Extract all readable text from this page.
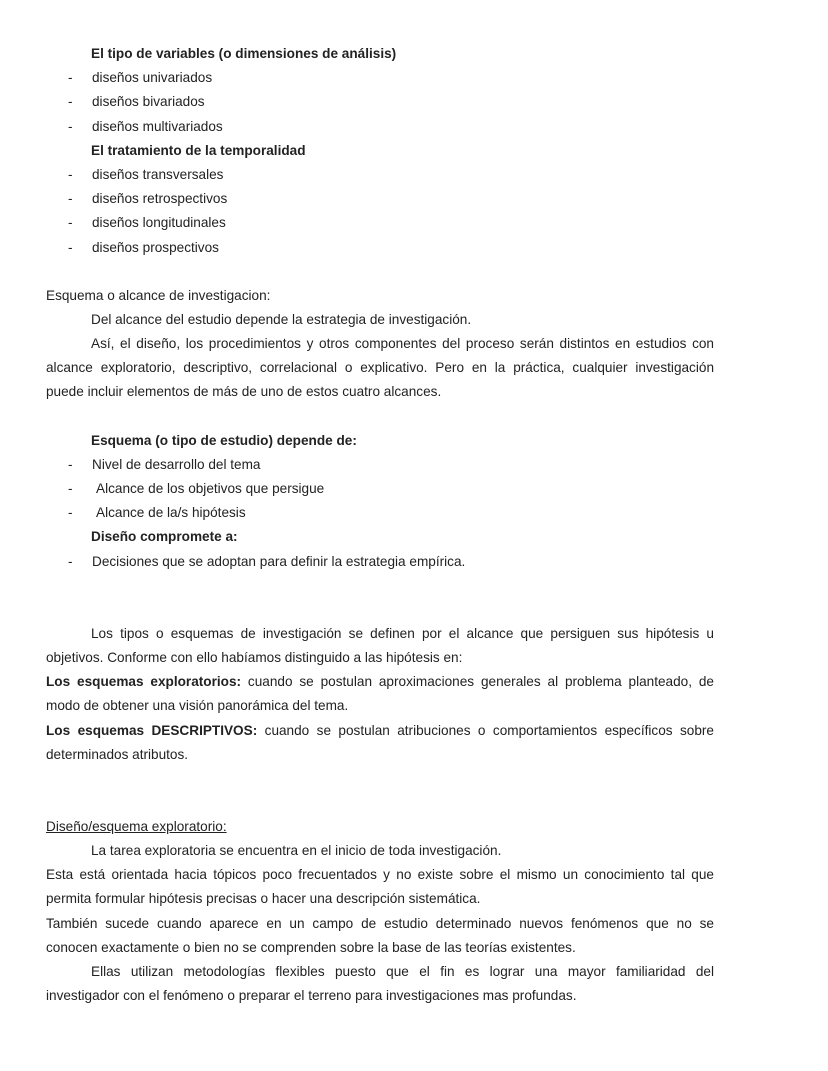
El tipo de variables (o dimensiones de análisis)
- diseños univariados
- diseños bivariados
- diseños multivariados
El tratamiento de la temporalidad
- diseños transversales
- diseños retrospectivos
- diseños longitudinales
- diseños prospectivos
Esquema o alcance de investigacion:
Del alcance del estudio depende la estrategia de investigación.
Así, el diseño, los procedimientos y otros componentes del proceso serán distintos en estudios con
alcance exploratorio, descriptivo, correlacional o explicativo. Pero en la práctica, cualquier investigación
puede incluir elementos de más de uno de estos cuatro alcances.
Esquema (o tipo de estudio) depende de:
- Nivel de desarrollo del tema
- Alcance de los objetivos que persigue
- Alcance de la/s hipótesis
Diseño compromete a:
- Decisiones que se adoptan para definir la estrategia empírica.
Los tipos o esquemas de investigación se definen por el alcance que persiguen sus hipótesis u
objetivos. Conforme con ello habíamos distinguido a las hipótesis en:
Los esquemas exploratorios: cuando se postulan aproximaciones generales al problema planteado, de
modo de obtener una visión panorámica del tema.
Los esquemas DESCRIPTIVOS: cuando se postulan atribuciones o comportamientos específicos sobre
determinados atributos.
Diseño/esquema exploratorio:
La tarea exploratoria se encuentra en el inicio de toda investigación.
Esta está orientada hacia tópicos poco frecuentados y no existe sobre el mismo un conocimiento tal que
permita formular hipótesis precisas o hacer una descripción sistemática.
También sucede cuando aparece en un campo de estudio determinado nuevos fenómenos que no se
conocen exactamente o bien no se comprenden sobre la base de las teorías existentes.
Ellas utilizan metodologías flexibles puesto que el fin es lograr una mayor familiaridad del
investigador con el fenómeno o preparar el terreno para investigaciones mas profundas.
